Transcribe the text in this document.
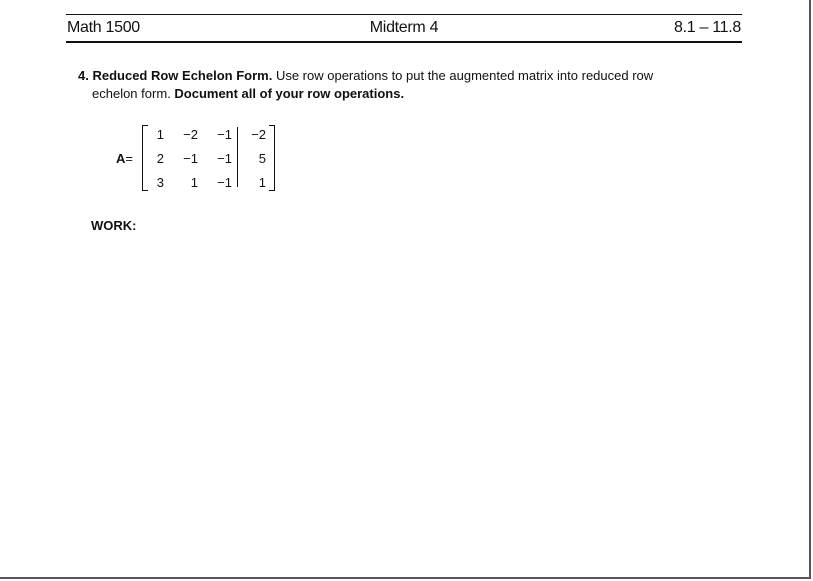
Math 1500	Midterm 4	8.1 – 11.8
4. Reduced Row Echelon Form. Use row operations to put the augmented matrix into reduced row
echelon form. Document all of your row operations.
A=
1	−2	−1	−2
2	−1	−1	5
3	1	−1	1
WORK:
